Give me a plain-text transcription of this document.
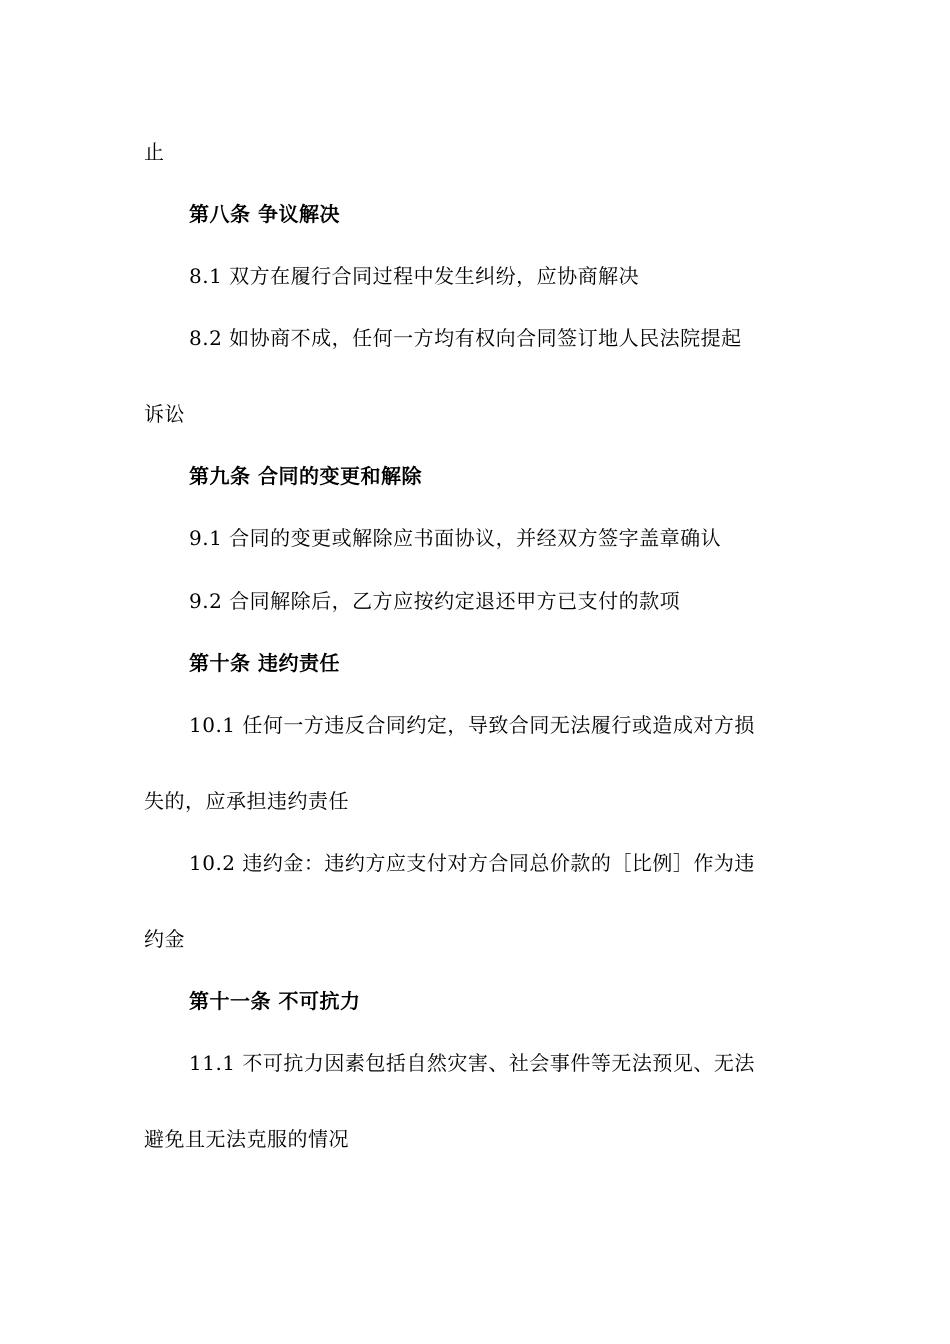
止
第八条 争议解决
8.1 双方在履行合同过程中发生纠纷，应协商解决
8.2 如协商不成，任何一方均有权向合同签订地人民法院提起
诉讼
第九条 合同的变更和解除
9.1 合同的变更或解除应书面协议，并经双方签字盖章确认
9.2 合同解除后，乙方应按约定退还甲方已支付的款项
第十条 违约责任
10.1 任何一方违反合同约定，导致合同无法履行或造成对方损
失的，应承担违约责任
10.2 违约金：违约方应支付对方合同总价款的［比例］作为违
约金
第十一条 不可抗力
11.1 不可抗力因素包括自然灾害、社会事件等无法预见、无法
避免且无法克服的情况
